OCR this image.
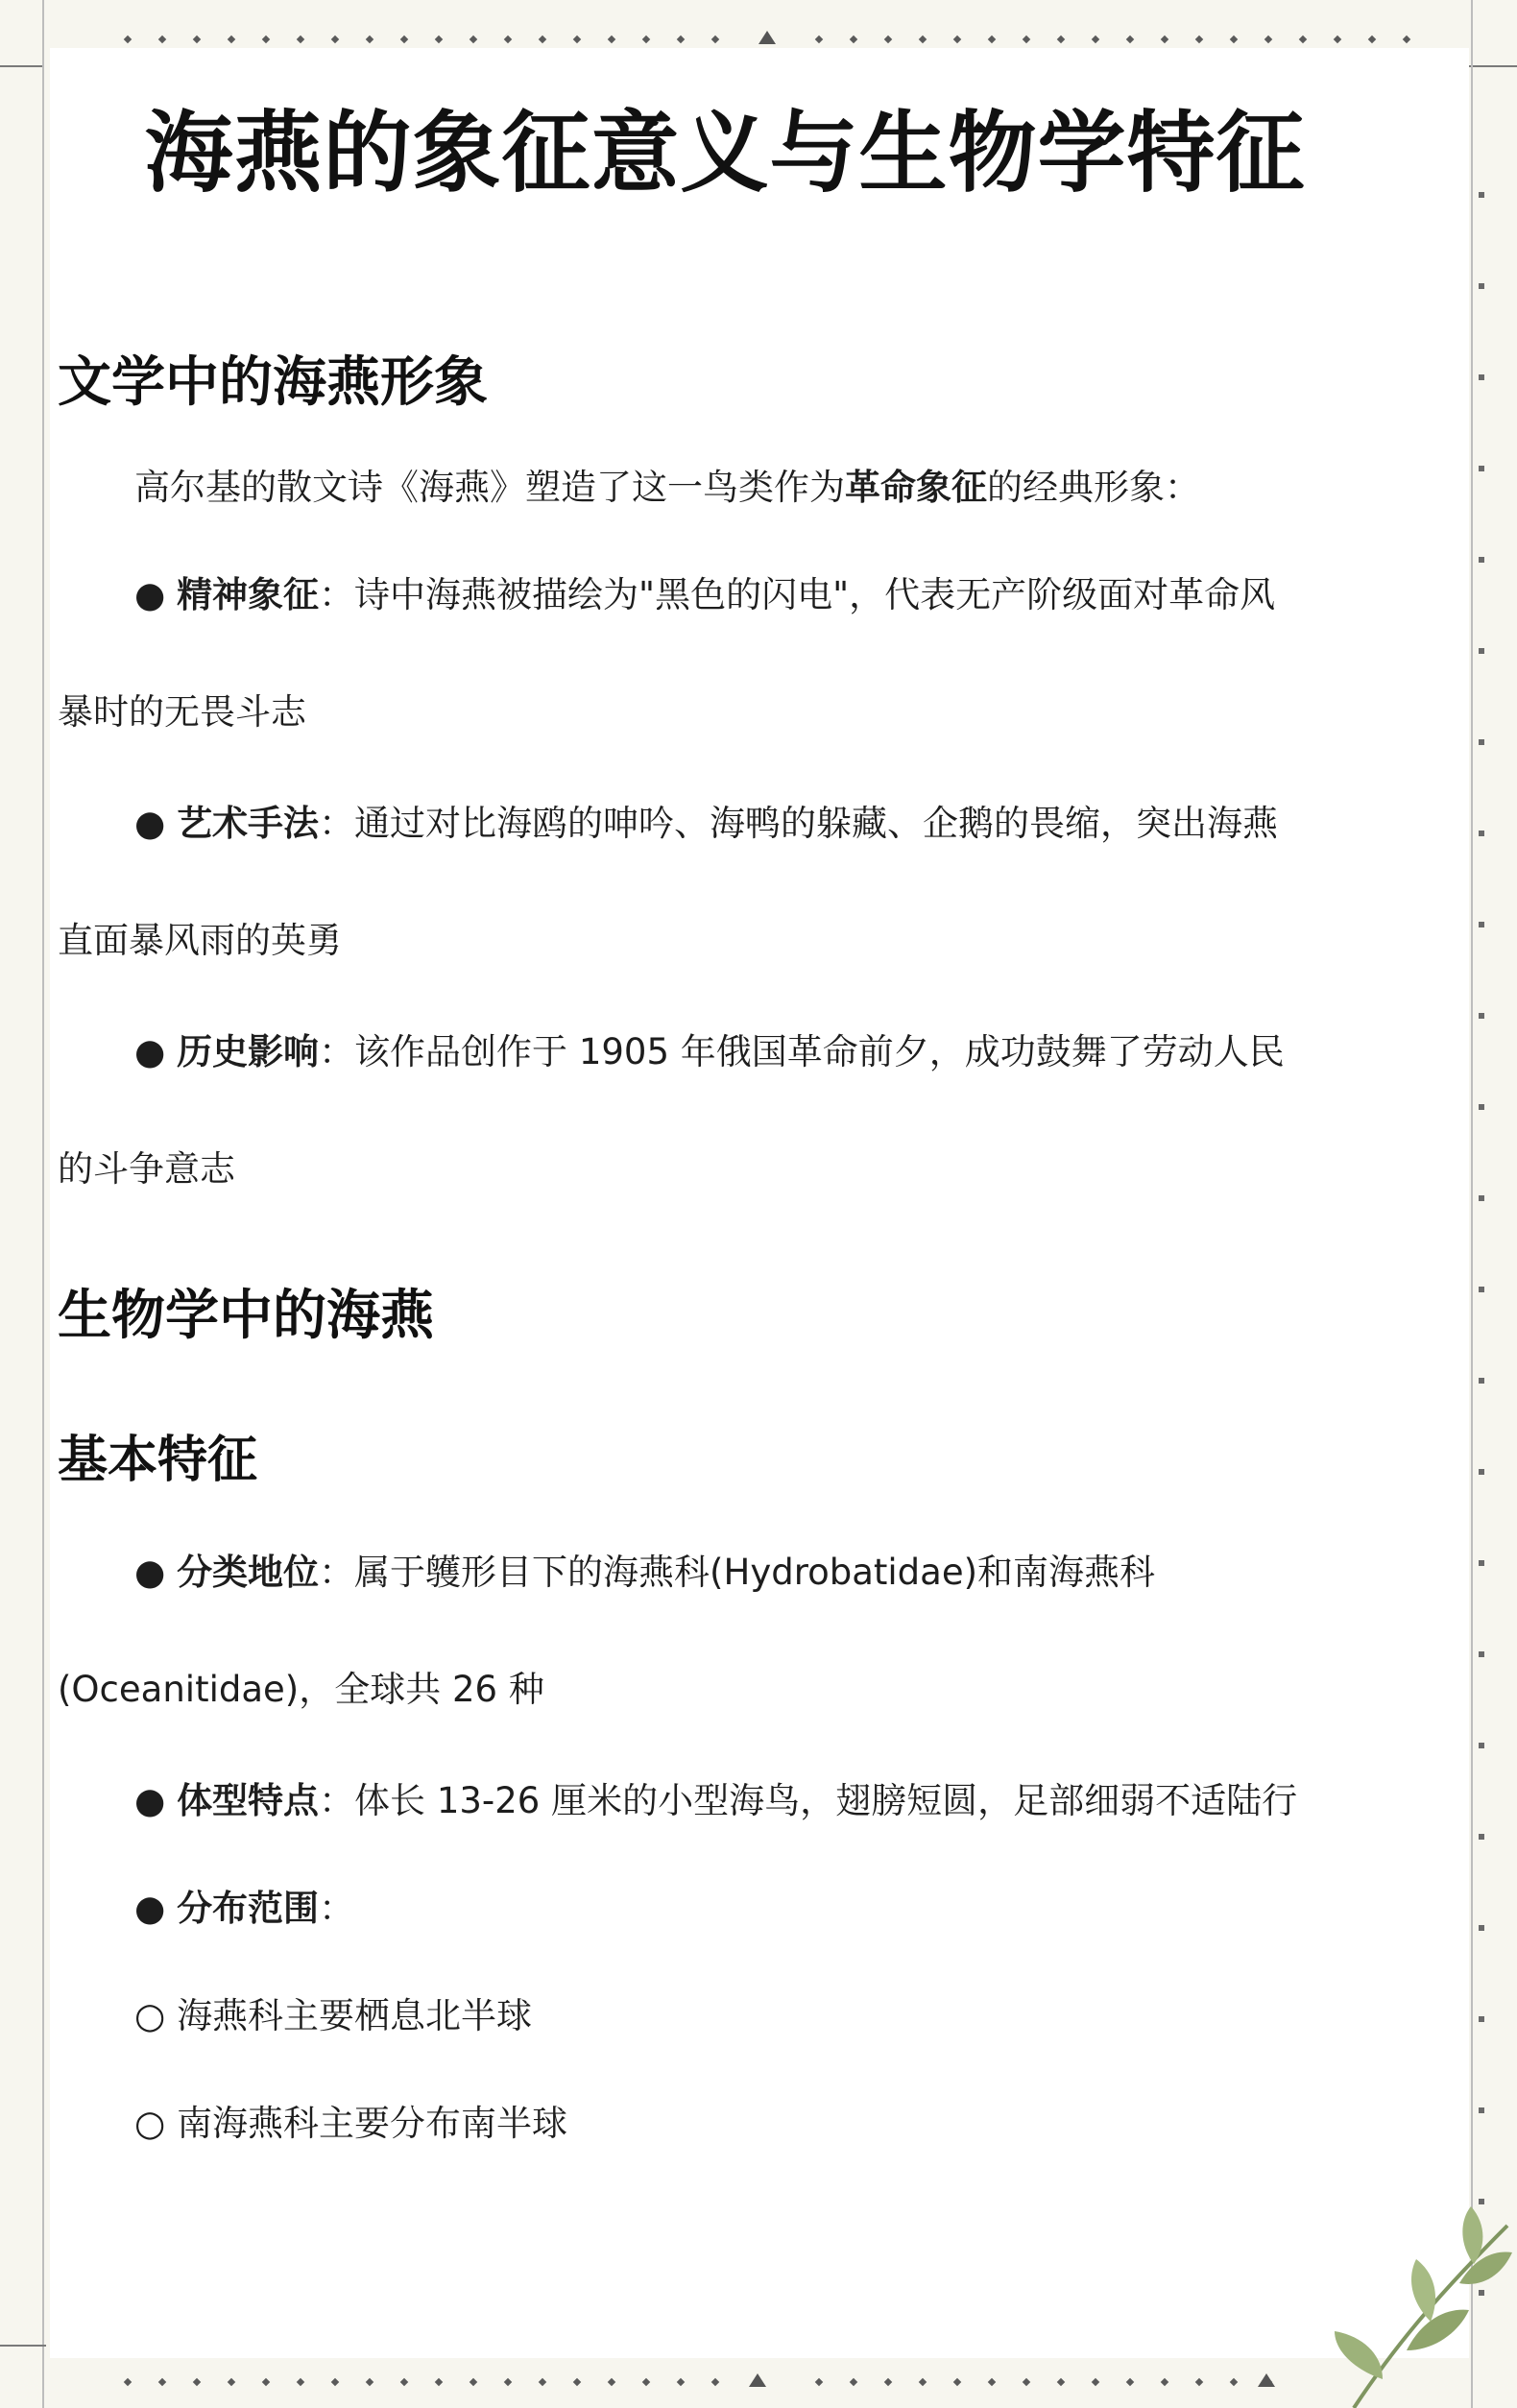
海燕的象征意义与生物学特征
文学中的海燕形象

高尔基的散文诗《海燕》塑造了这一鸟类作为革命象征的经典形象：

● 精神象征：诗中海燕被描绘为"黑色的闪电"，代表无产阶级面对革命风

暴时的无畏斗志

● 艺术手法：通过对比海鸥的呻吟、海鸭的躲藏、企鹅的畏缩，突出海燕

直面暴风雨的英勇

● 历史影响：该作品创作于 1905 年俄国革命前夕，成功鼓舞了劳动人民

的斗争意志

生物学中的海燕
基本特征

● 分类地位：属于鹱形目下的海燕科(Hydrobatidae)和南海燕科

(Oceanitidae)，全球共 26 种

● 体型特点：体长 13-26 厘米的小型海鸟，翅膀短圆，足部细弱不适陆行

● 分布范围：

○ 海燕科主要栖息北半球

○ 南海燕科主要分布南半球
